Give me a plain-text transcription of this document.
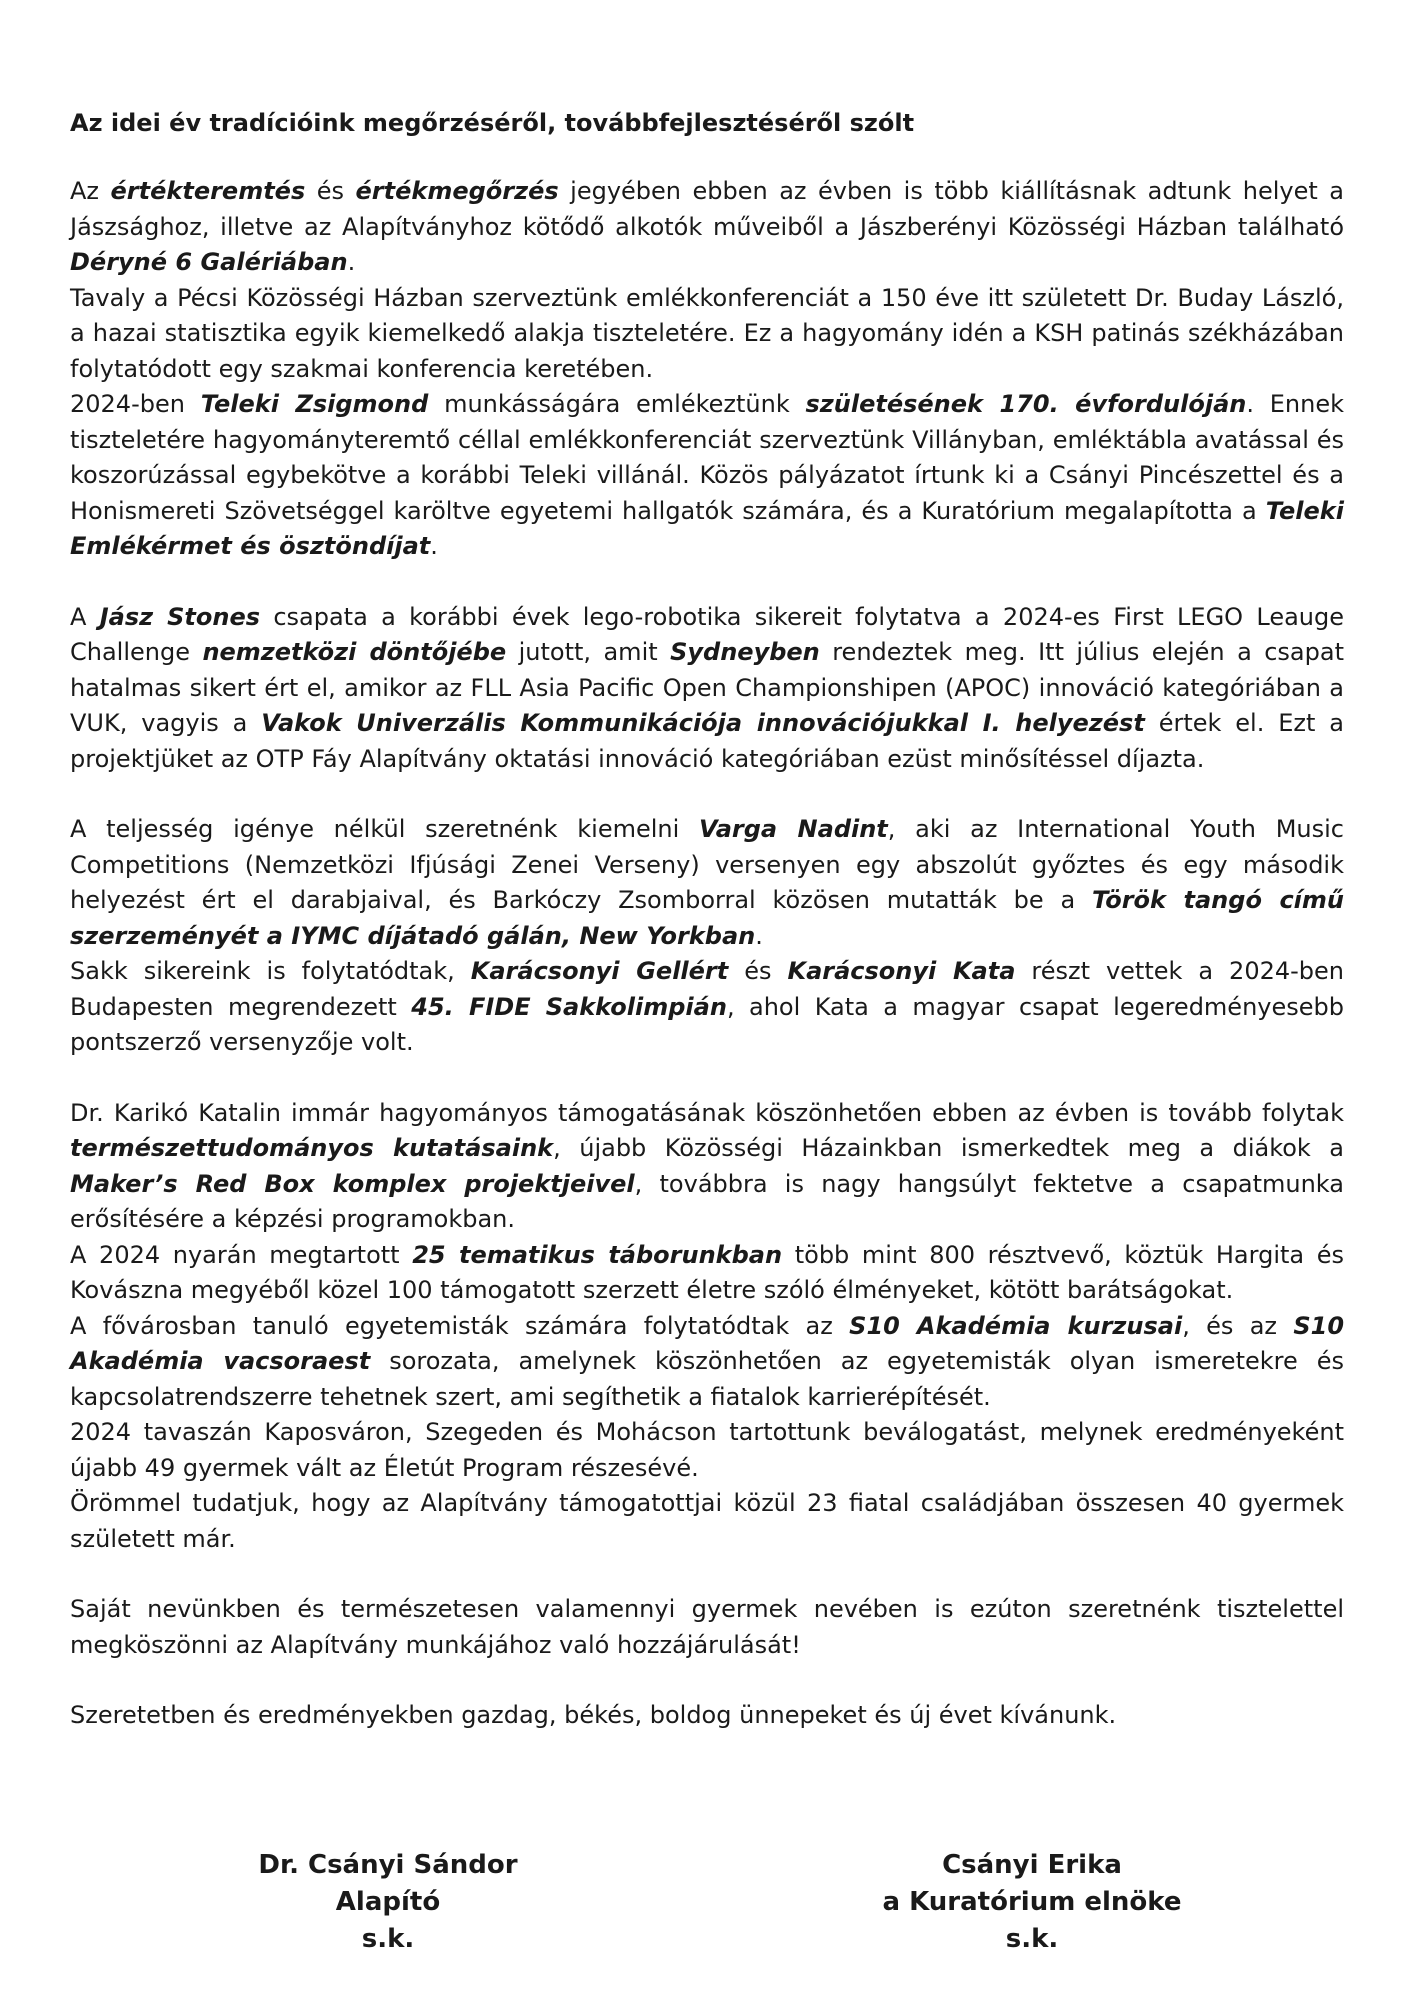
Az idei év tradícióink megőrzéséről, továbbfejlesztéséről szólt
Az értékteremtés és értékmegőrzés jegyében ebben az évben is több kiállításnak adtunk helyet a Jászsághoz, illetve az Alapítványhoz kötődő alkotók műveiből a Jászberényi Közösségi Házban található Déryné 6 Galériában.
Tavaly a Pécsi Közösségi Házban szerveztünk emlékkonferenciát a 150 éve itt született Dr. Buday László, a hazai statisztika egyik kiemelkedő alakja tiszteletére. Ez a hagyomány idén a KSH patinás székházában folytatódott egy szakmai konferencia keretében.
2024-ben Teleki Zsigmond munkásságára emlékeztünk születésének 170. évfordulóján. Ennek tiszteletére hagyományteremtő céllal emlékkonferenciát szerveztünk Villányban, emléktábla avatással és koszorúzással egybekötve a korábbi Teleki villánál. Közös pályázatot írtunk ki a Csányi Pincészettel és a Honismereti Szövetséggel karöltve egyetemi hallgatók számára, és a Kuratórium megalapította a Teleki Emlékérmet és ösztöndíjat.
A Jász Stones csapata a korábbi évek lego-robotika sikereit folytatva a 2024-es First LEGO Leauge Challenge nemzetközi döntőjébe jutott, amit Sydneyben rendeztek meg. Itt július elején a csapat hatalmas sikert ért el, amikor az FLL Asia Pacific Open Championshipen (APOC) innováció kategóriában a VUK, vagyis a Vakok Univerzális Kommunikációja innovációjukkal I. helyezést értek el. Ezt a projektjüket az OTP Fáy Alapítvány oktatási innováció kategóriában ezüst minősítéssel díjazta.
A teljesség igénye nélkül szeretnénk kiemelni Varga Nadint, aki az International Youth Music Competitions (Nemzetközi Ifjúsági Zenei Verseny) versenyen egy abszolút győztes és egy második helyezést ért el darabjaival, és Barkóczy Zsomborral közösen mutatták be a Török tangó című szerzeményét a IYMC díjátadó gálán, New Yorkban.
Sakk sikereink is folytatódtak, Karácsonyi Gellért és Karácsonyi Kata részt vettek a 2024-ben Budapesten megrendezett 45. FIDE Sakkolimpián, ahol Kata a magyar csapat legeredményesebb pontszerző versenyzője volt.
Dr. Karikó Katalin immár hagyományos támogatásának köszönhetően ebben az évben is tovább folytak természettudományos kutatásaink, újabb Közösségi Házainkban ismerkedtek meg a diákok a Maker’s Red Box komplex projektjeivel, továbbra is nagy hangsúlyt fektetve a csapatmunka erősítésére a képzési programokban.
A 2024 nyarán megtartott 25 tematikus táborunkban több mint 800 résztvevő, köztük Hargita és Kovászna megyéből közel 100 támogatott szerzett életre szóló élményeket, kötött barátságokat.
A fővárosban tanuló egyetemisták számára folytatódtak az S10 Akadémia kurzusai, és az S10 Akadémia vacsoraest sorozata, amelynek köszönhetően az egyetemisták olyan ismeretekre és kapcsolatrendszerre tehetnek szert, ami segíthetik a fiatalok karrierépítését.
2024 tavaszán Kaposváron, Szegeden és Mohácson tartottunk beválogatást, melynek eredményeként újabb 49 gyermek vált az Életút Program részesévé.
Örömmel tudatjuk, hogy az Alapítvány támogatottjai közül 23 fiatal családjában összesen 40 gyermek született már.
Saját nevünkben és természetesen valamennyi gyermek nevében is ezúton szeretnénk tisztelettel megköszönni az Alapítvány munkájához való hozzájárulását!
Szeretetben és eredményekben gazdag, békés, boldog ünnepeket és új évet kívánunk.
Dr. Csányi Sándor
Alapító
s.k.
Csányi Erika
a Kuratórium elnöke
s.k.
